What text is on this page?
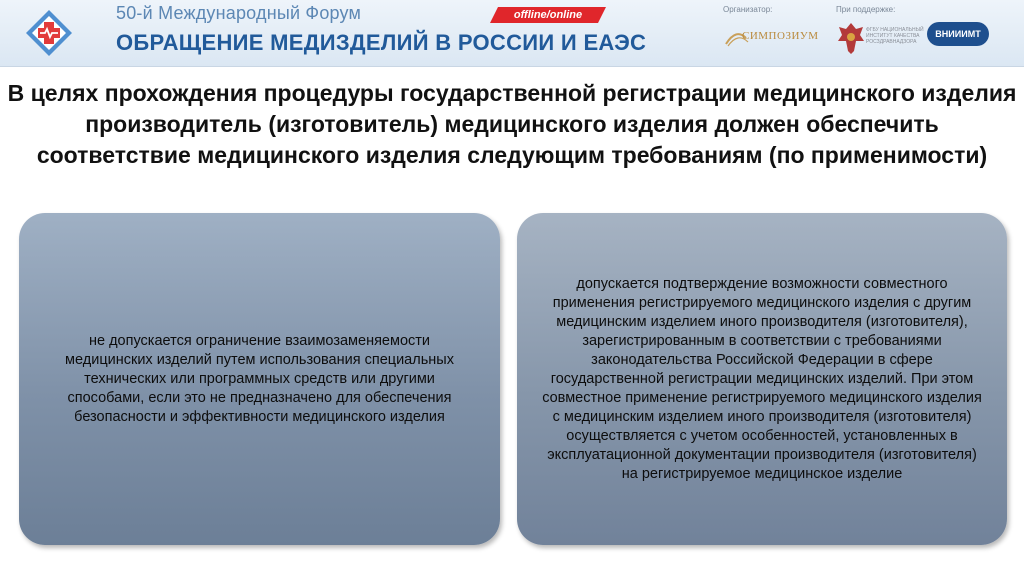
50-й Международный Форум
ОБРАЩЕНИЕ МЕДИЗДЕЛИЙ В РОССИИ И ЕАЭС
offline/online	Организатор:	При поддержке:
СИМПОЗИУМ	ФГБУ НАЦИОНАЛЬНЫЙ ИНСТИТУТ КАЧЕСТВА РОСЗДРАВНАДЗОРА
ВНИИИМТ
В целях прохождения процедуры государственной регистрации медицинского изделия производитель (изготовитель) медицинского изделия должен обеспечить соответствие медицинского изделия следующим требованиям (по применимости)
не допускается ограничение взаимозаменяемости медицинских изделий путем использования специальных технических или программных средств или другими способами, если это не предназначено для обеспечения безопасности и эффективности медицинского изделия
допускается подтверждение возможности совместного применения регистрируемого медицинского изделия с другим медицинским изделием иного производителя (изготовителя), зарегистрированным в соответствии с требованиями законодательства Российской Федерации в сфере государственной регистрации медицинских изделий. При этом совместное применение регистрируемого медицинского изделия с медицинским изделием иного производителя (изготовителя) осуществляется с учетом особенностей, установленных в эксплуатационной документации производителя (изготовителя) на регистрируемое медицинское изделие
